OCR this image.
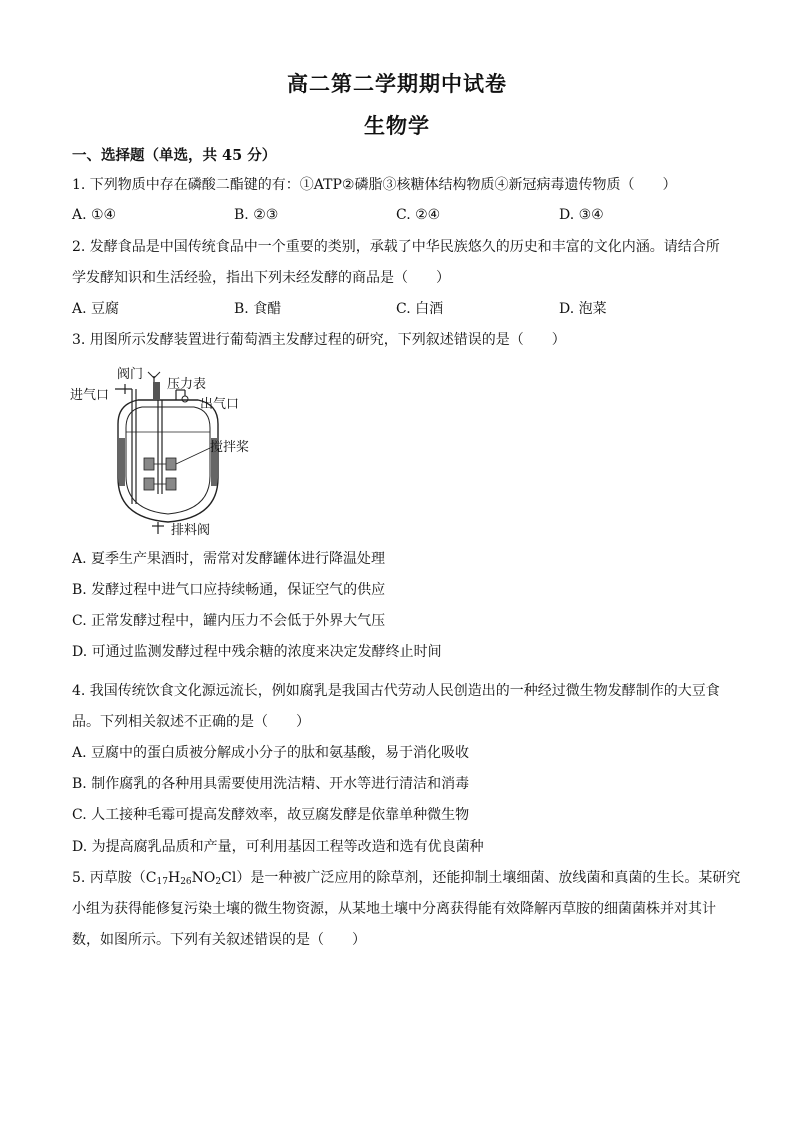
高二第二学期期中试卷
生物学
一、选择题（单选，共 45 分）
1. 下列物质中存在磷酸二酯键的有：①ATP②磷脂③核糖体结构物质④新冠病毒遗传物质（　　）
A. ①④	B. ②③	C. ②④	D. ③④
2. 发酵食品是中国传统食品中一个重要的类别，承载了中华民族悠久的历史和丰富的文化内涵。请结合所
学发酵知识和生活经验，指出下列未经发酵的商品是（　　）
A. 豆腐	B. 食醋	C. 白酒	D. 泡菜
3. 用图所示发酵装置进行葡萄酒主发酵过程的研究，下列叙述错误的是（　　）
阀门
压力表
进气口
出气口
搅拌桨
排料阀
A. 夏季生产果酒时，需常对发酵罐体进行降温处理
B. 发酵过程中进气口应持续畅通，保证空气的供应
C. 正常发酵过程中，罐内压力不会低于外界大气压
D. 可通过监测发酵过程中残余糖的浓度来决定发酵终止时间
4. 我国传统饮食文化源远流长，例如腐乳是我国古代劳动人民创造出的一种经过微生物发酵制作的大豆食
品。下列相关叙述不正确的是（　　）
A. 豆腐中的蛋白质被分解成小分子的肽和氨基酸，易于消化吸收
B. 制作腐乳的各种用具需要使用洗洁精、开水等进行清洁和消毒
C. 人工接种毛霉可提高发酵效率，故豆腐发酵是依靠单种微生物
D. 为提高腐乳品质和产量，可利用基因工程等改造和选有优良菌种
5. 丙草胺$(C_{17}H_{26}NO_2Cl)$是一种被广泛应用的除草剂，还能抑制土壤细菌、放线菌和真菌的生长。某研究
小组为获得能修复污染土壤的微生物资源，从某地土壤中分离获得能有效降解丙草胺的细菌菌株并对其计
数，如图所示。下列有关叙述错误的是（　　）
